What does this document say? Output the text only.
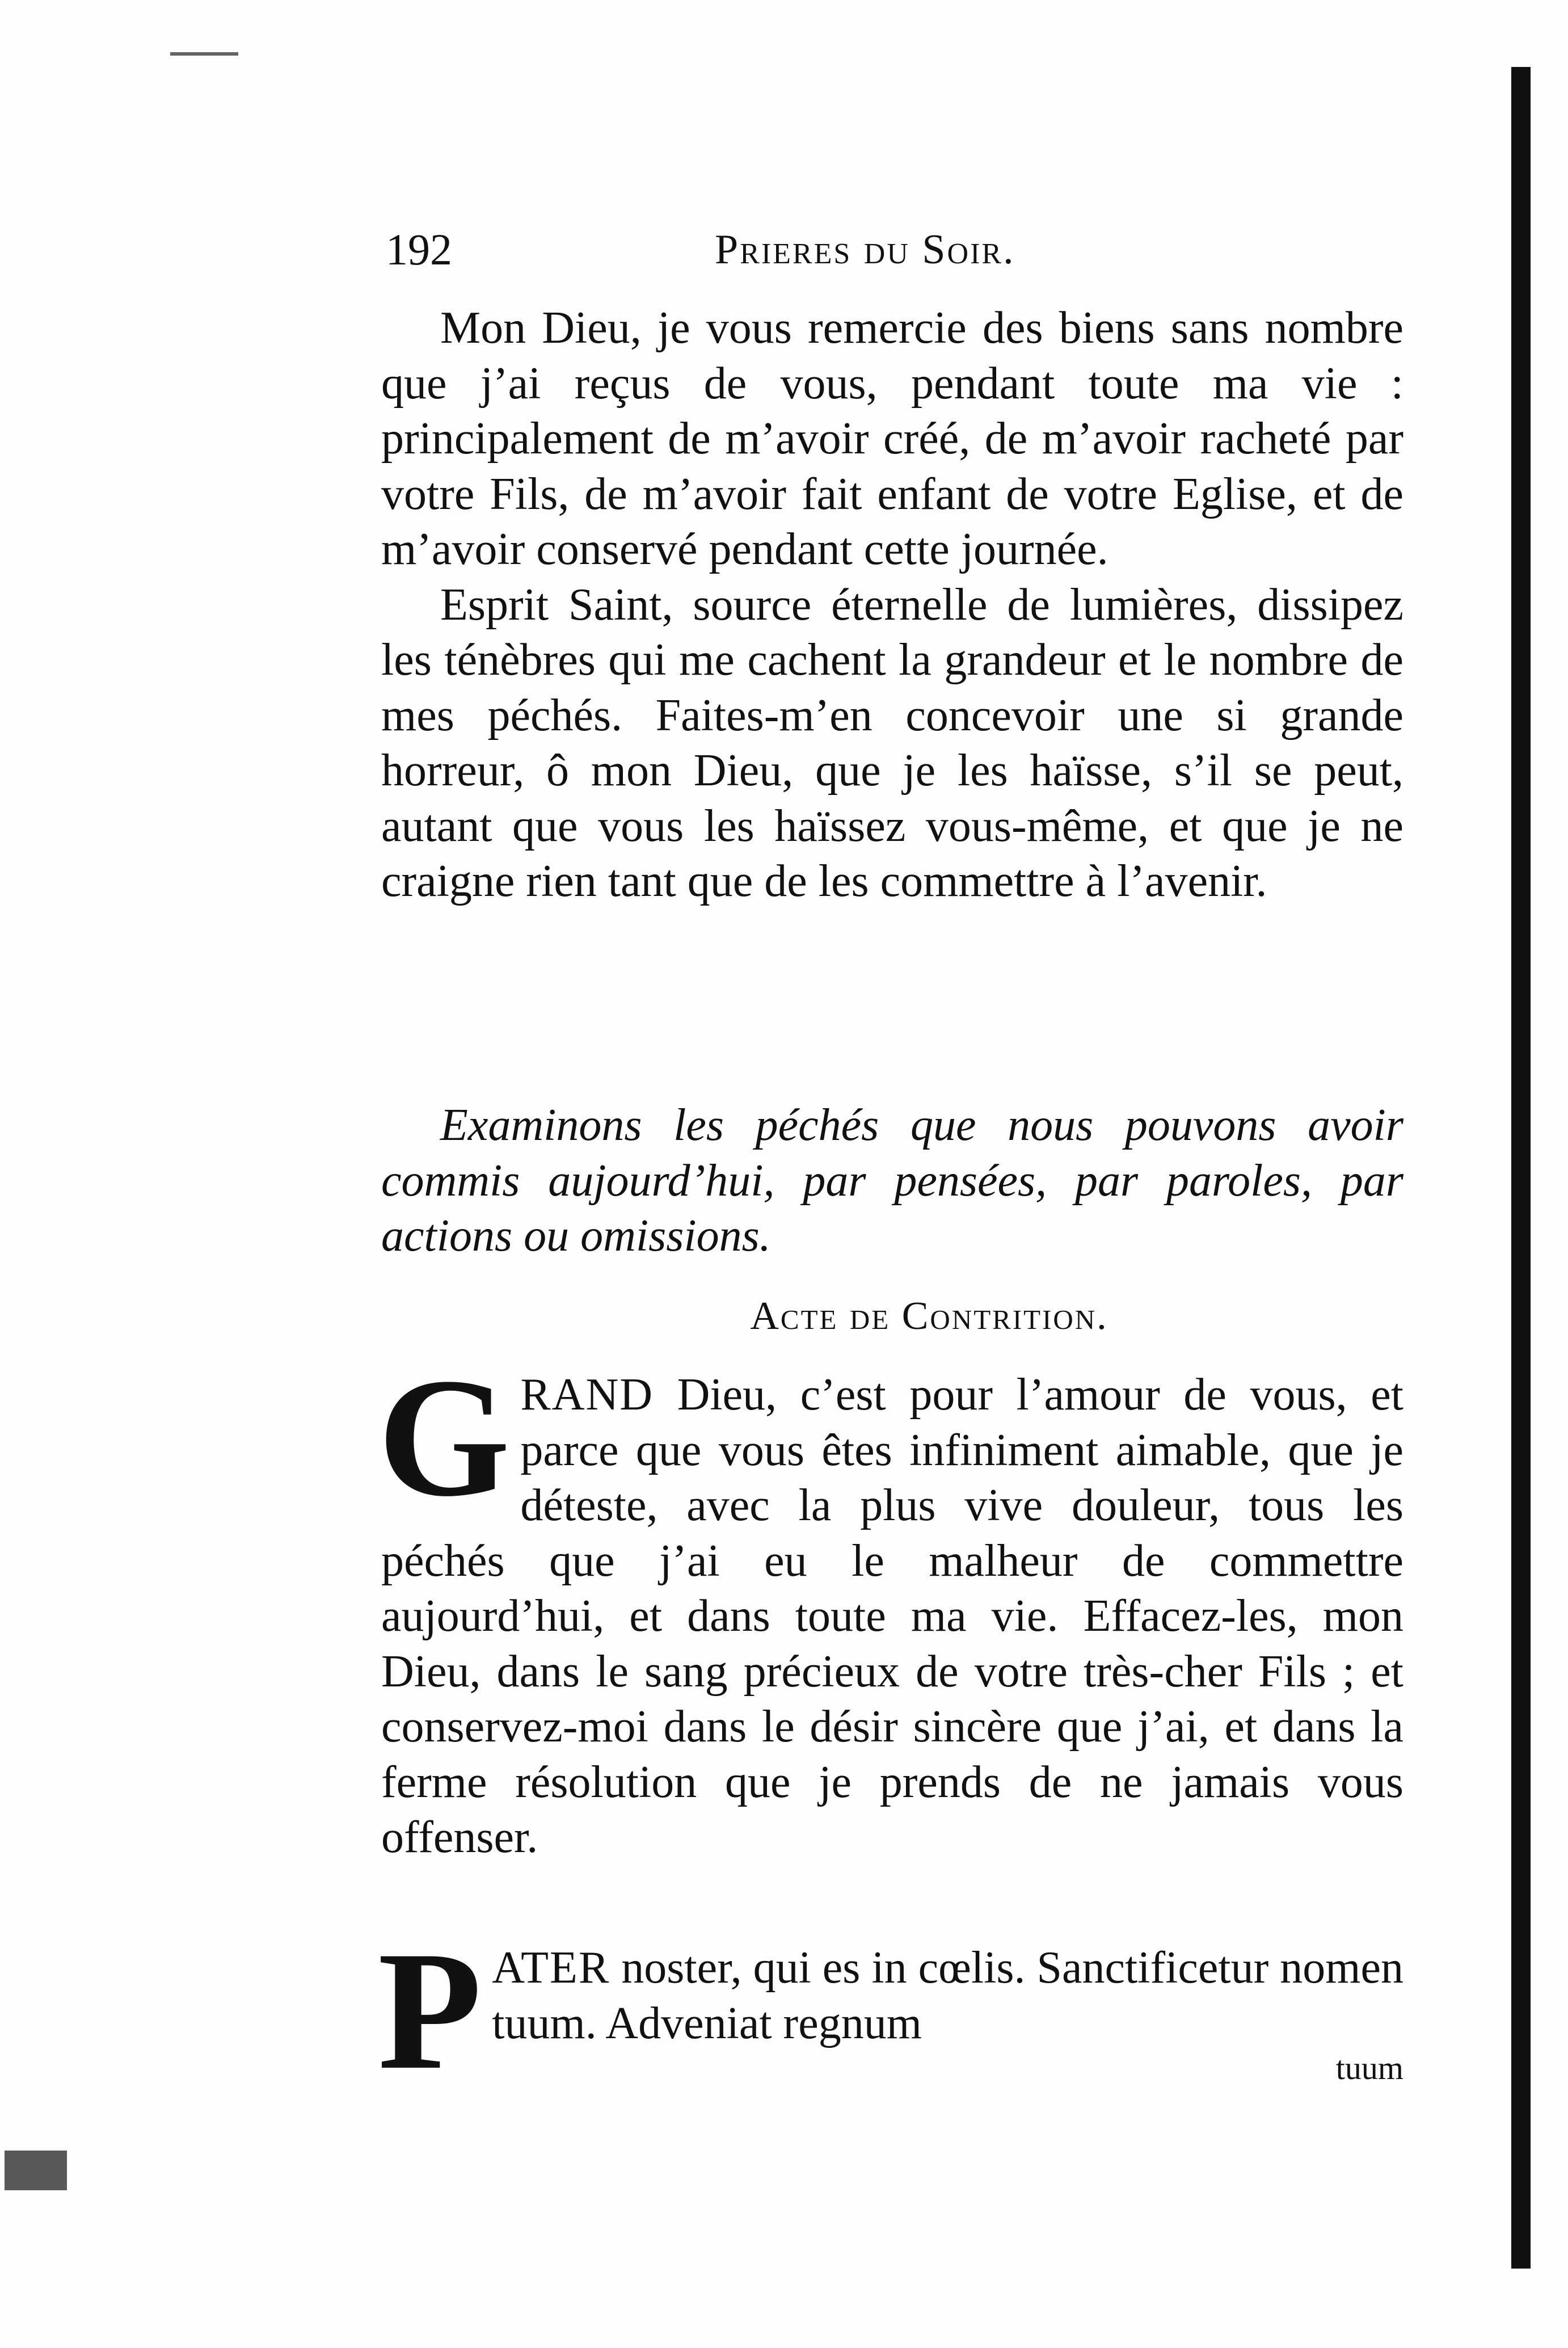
192	Prieres du Soir.

Mon Dieu, je vous remercie des biens sans nombre que j’ai reçus de vous, pendant toute ma vie : principalement de m’avoir créé, de m’avoir racheté par votre Fils, de m’avoir fait enfant de votre Eglise, et de m’avoir conservé pendant cette journée.

Esprit Saint, source éternelle de lumières, dissipez les ténèbres qui me cachent la grandeur et le nombre de mes péchés. Faites-m’en concevoir une si grande horreur, ô mon Dieu, que je les haïsse, s’il se peut, autant que vous les haïssez vous-même, et que je ne craigne rien tant que de les commettre à l’avenir.

Examinons les péchés que nous pouvons avoir commis aujourd’hui, par pensées, par paroles, par actions ou omissions.

Acte de Contrition.

GRAND Dieu, c’est pour l’amour de vous, et parce que vous êtes infiniment aimable, que je déteste, avec la plus vive douleur, tous les péchés que j’ai eu le malheur de commettre aujourd’hui, et dans toute ma vie. Effacez-les, mon Dieu, dans le sang précieux de votre très-cher Fils ; et conservez-moi dans le désir sincère que j’ai, et dans la ferme résolution que je prends de ne jamais vous offenser.

PATER noster, qui es in cœlis. Sanctificetur nomen tuum. Adveniat regnum

tuum
